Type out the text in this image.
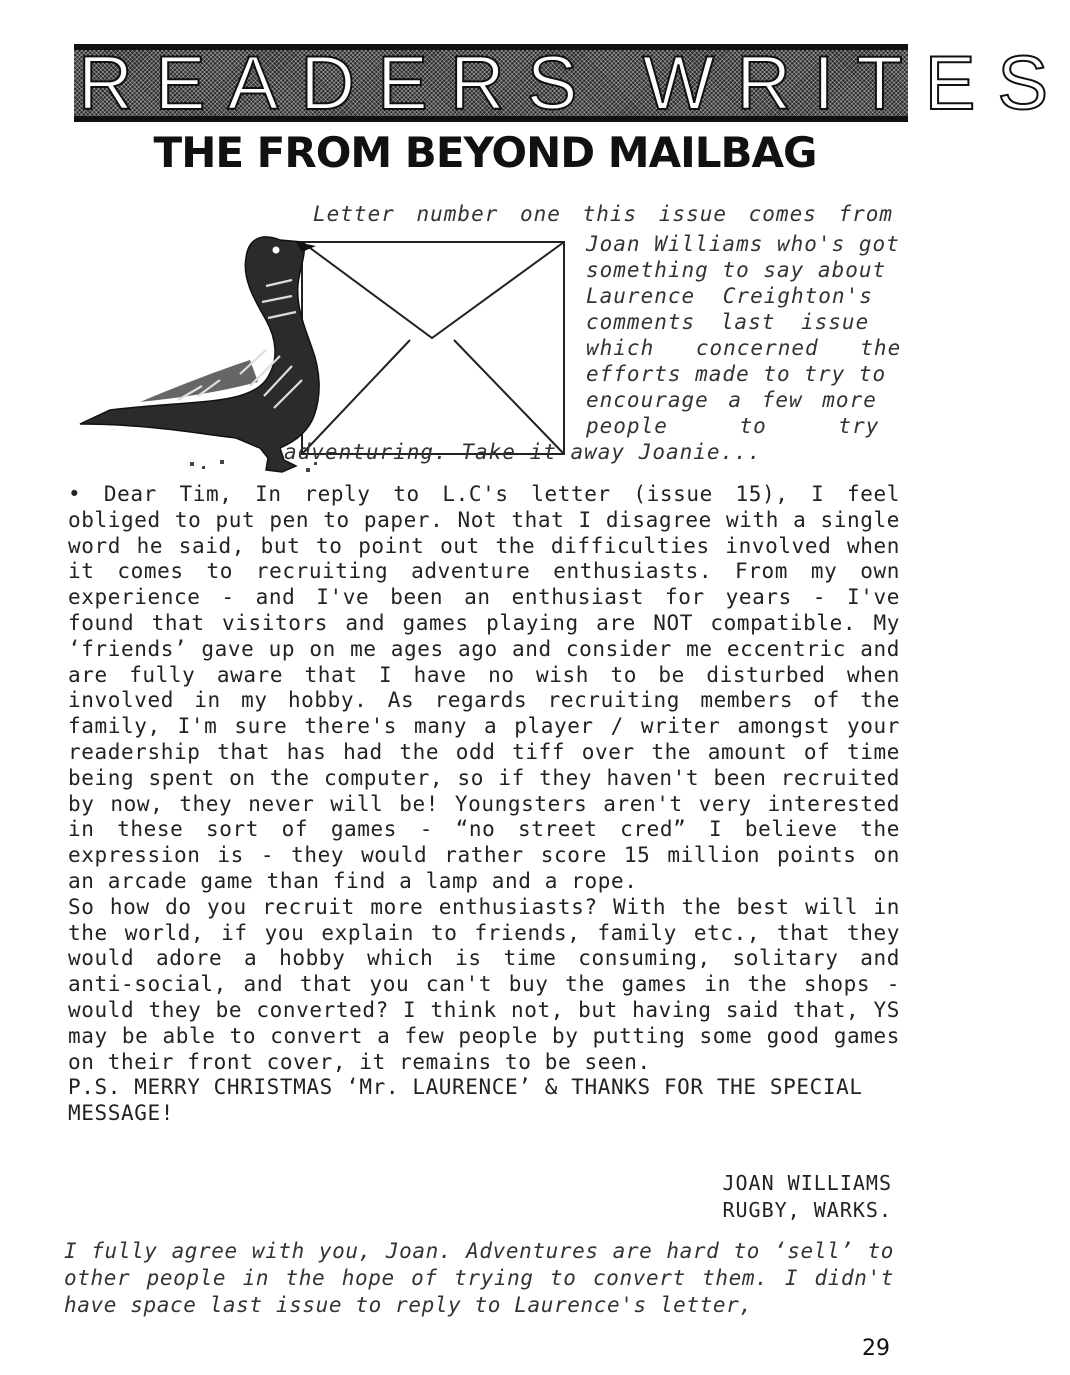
READERS WRITES
THE FROM BEYOND MAILBAG
Letter number one this issue comes from
Joan Williams who's got
something to say about
Laurence Creighton's
comments last issue
which concerned the
efforts made to try to
encourage a few more
people to try
adventuring. Take it away Joanie...

• Dear Tim, In reply to L.C's letter (issue 15), I feel obliged to put pen to paper. Not that I disagree with a single word he said, but to point out the difficulties involved when it comes to recruiting adventure enthusiasts. From my own experience - and I've been an enthusiast for years - I've found that visitors and games playing are NOT compatible. My ‘friends’ gave up on me ages ago and consider me eccentric and are fully aware that I have no wish to be disturbed when involved in my hobby. As regards recruiting members of the family, I'm sure there's many a player / writer amongst your readership that has had the odd tiff over the amount of time being spent on the computer, so if they haven't been recruited by now, they never will be! Youngsters aren't very interested in these sort of games - “no street cred” I believe the expression is - they would rather score 15 million points on an arcade game than find a lamp and a rope.

So how do you recruit more enthusiasts? With the best will in the world, if you explain to friends, family etc., that they would adore a hobby which is time consuming, solitary and anti-social, and that you can't buy the games in the shops - would they be converted? I think not, but having said that, YS may be able to convert a few people by putting some good games on their front cover, it remains to be seen.

P.S. MERRY CHRISTMAS ‘Mr. LAURENCE’ & THANKS FOR THE SPECIAL MESSAGE!

JOAN WILLIAMS
RUGBY, WARKS.
I fully agree with you, Joan. Adventures are hard to ‘sell’ to other people in the hope of trying to convert them. I didn't have space last issue to reply to Laurence's letter,
29
